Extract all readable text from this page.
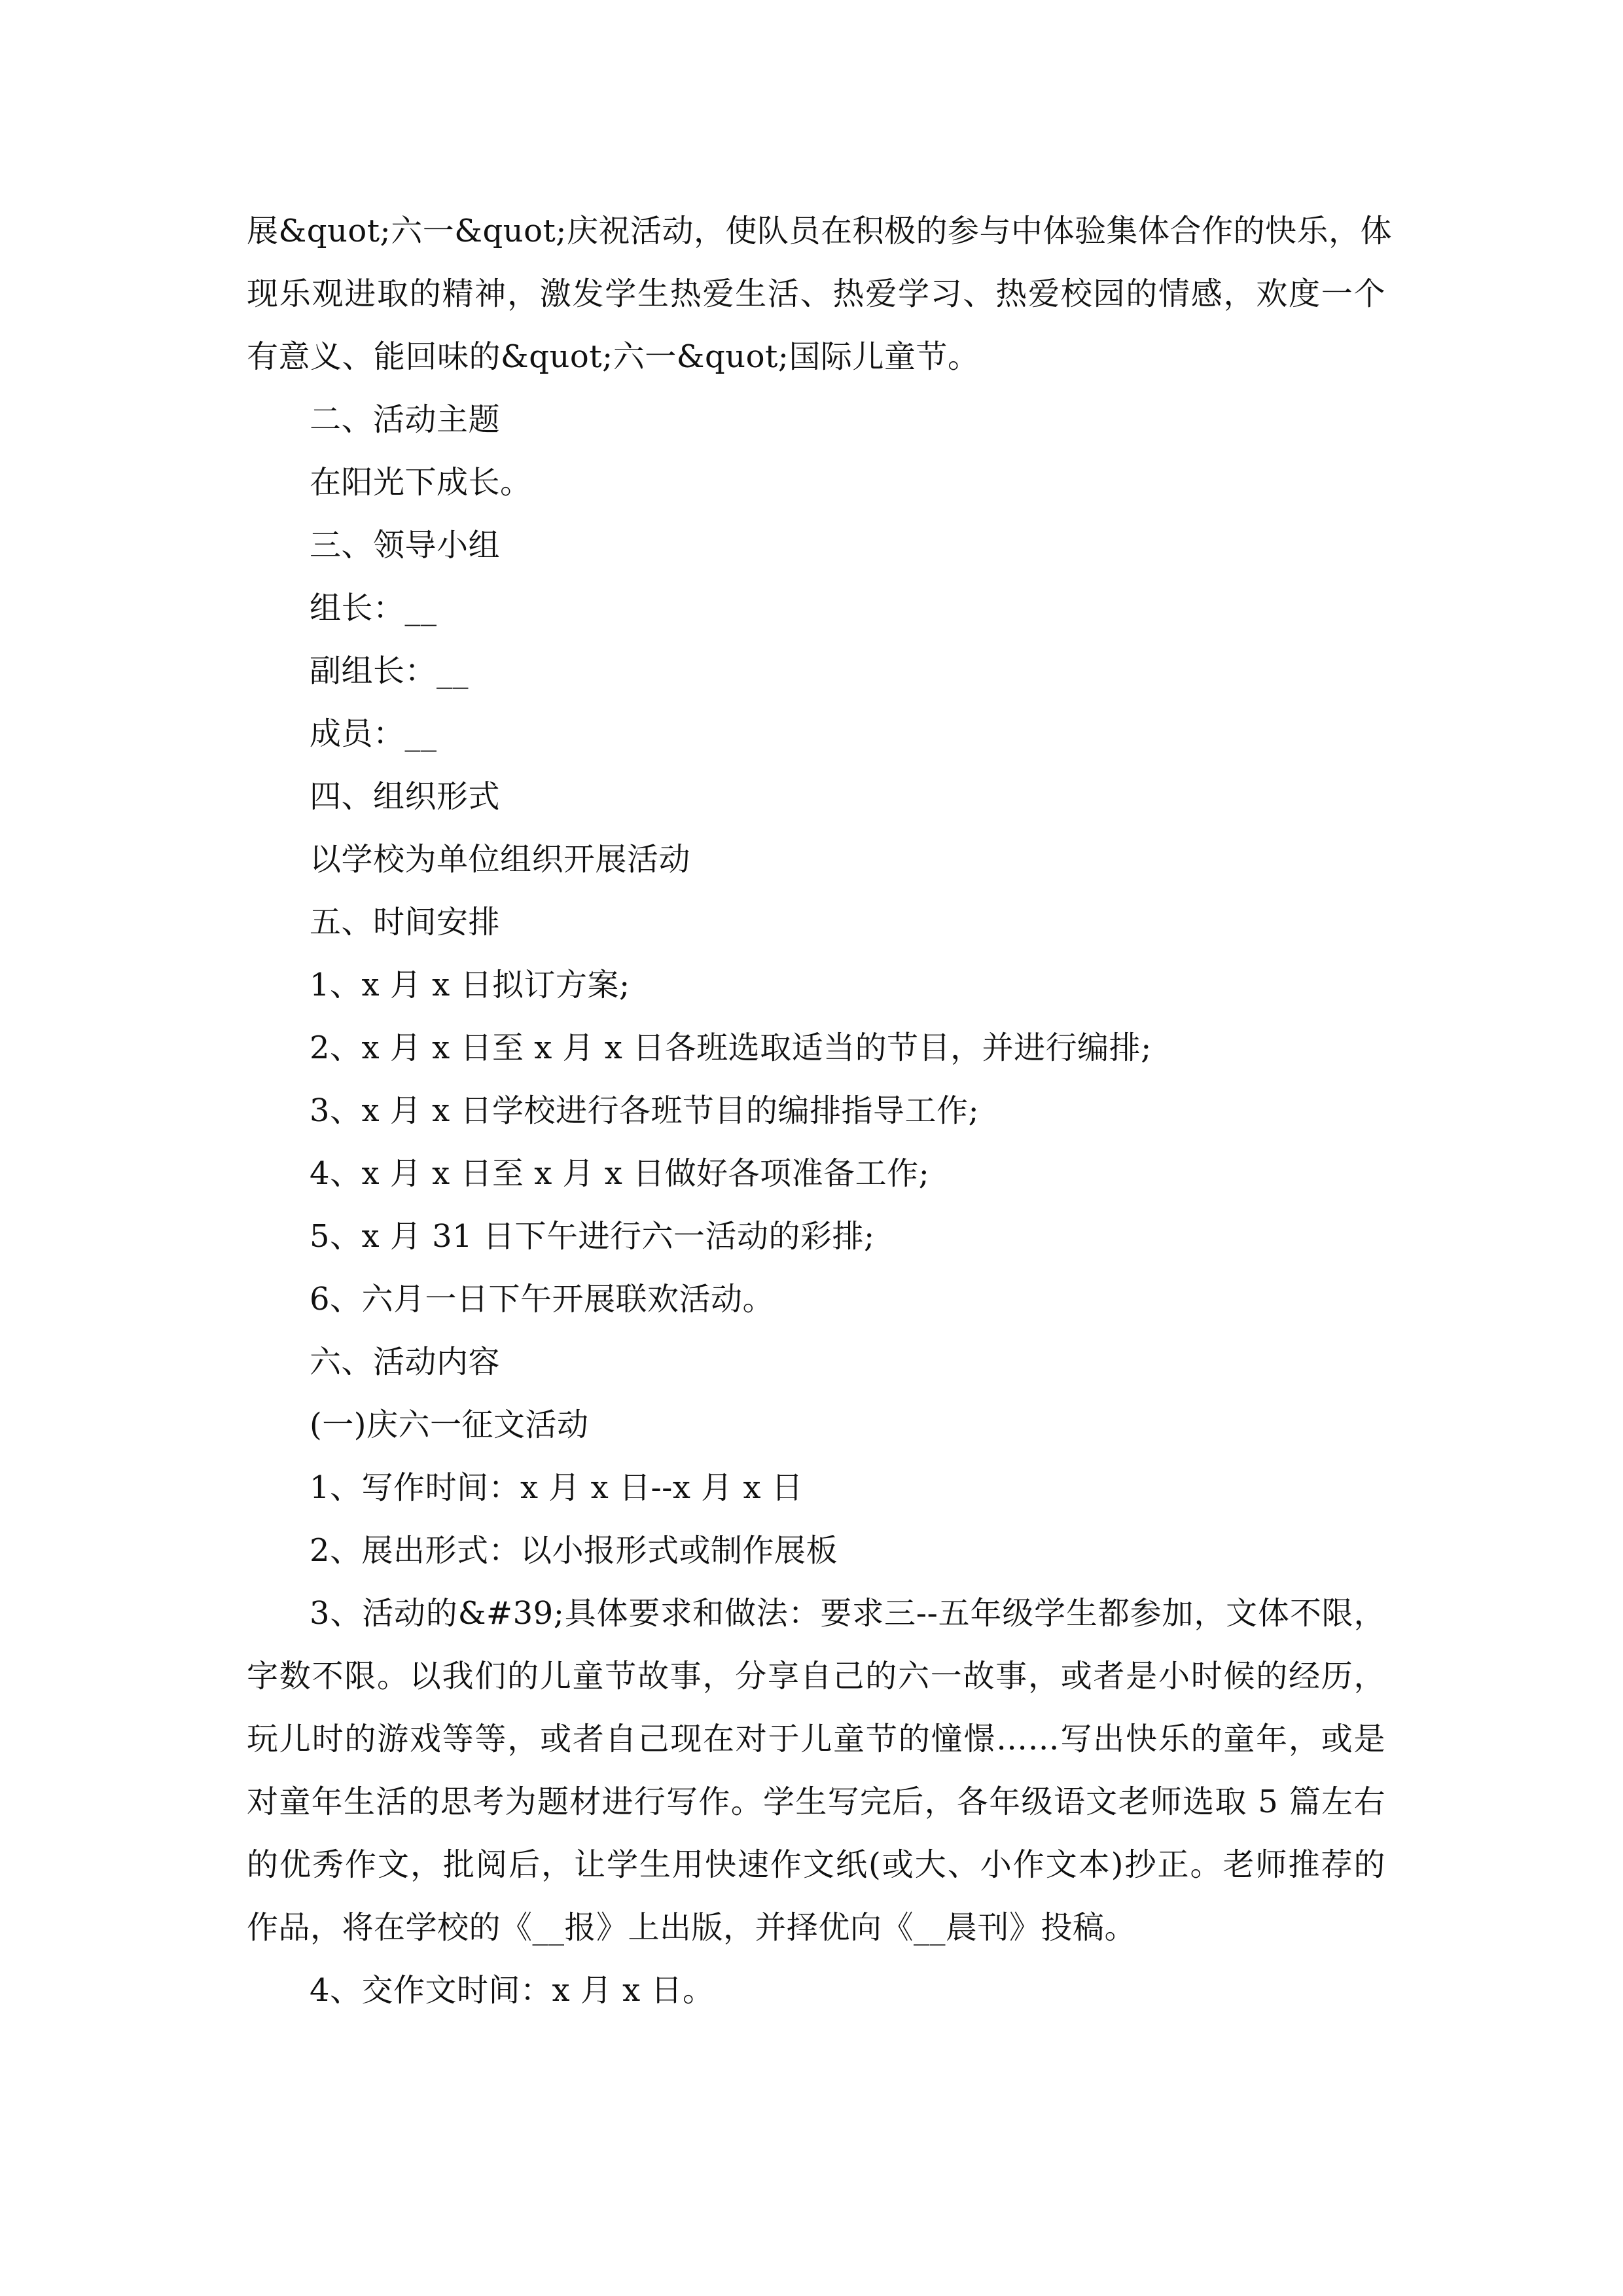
展&quot;六一&quot;庆祝活动，使队员在积极的参与中体验集体合作的快乐，体

现乐观进取的精神，激发学生热爱生活、热爱学习、热爱校园的情感，欢度一个

有意义、能回味的&quot;六一&quot;国际儿童节。

二、活动主题

在阳光下成长。

三、领导小组

组长：__

副组长：__

成员：__

四、组织形式

以学校为单位组织开展活动

五、时间安排

1、x 月 x 日拟订方案;

2、x 月 x 日至 x 月 x 日各班选取适当的节目，并进行编排;

3、x 月 x 日学校进行各班节目的编排指导工作;

4、x 月 x 日至 x 月 x 日做好各项准备工作;

5、x 月 31 日下午进行六一活动的彩排;

6、六月一日下午开展联欢活动。

六、活动内容

(一)庆六一征文活动

1、写作时间：x 月 x 日--x 月 x 日

2、展出形式：以小报形式或制作展板

3、活动的&#39;具体要求和做法：要求三--五年级学生都参加，文体不限，

字数不限。以我们的儿童节故事，分享自己的六一故事，或者是小时候的经历，

玩儿时的游戏等等，或者自己现在对于儿童节的憧憬……写出快乐的童年，或是

对童年生活的思考为题材进行写作。学生写完后，各年级语文老师选取 5 篇左右

的优秀作文，批阅后，让学生用快速作文纸(或大、小作文本)抄正。老师推荐的

作品，将在学校的《__报》上出版，并择优向《__晨刊》投稿。

4、交作文时间：x 月 x 日。
